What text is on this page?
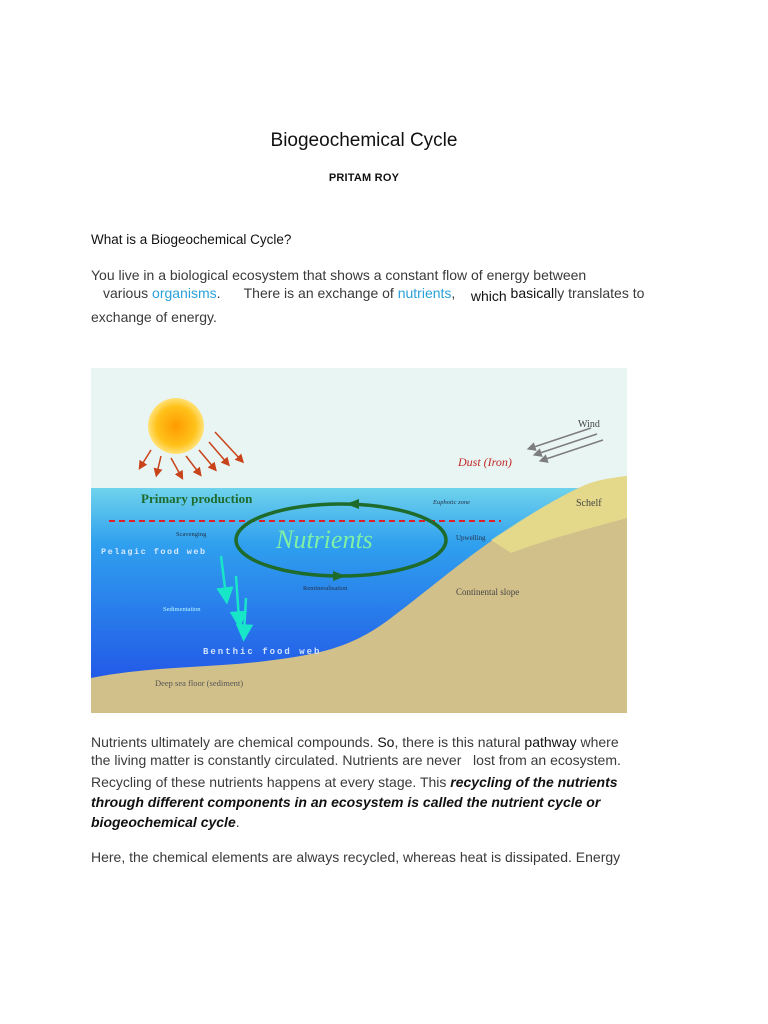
Biogeochemical Cycle
PRITAM ROY
What is a Biogeochemical Cycle?
You live in a biological ecosystem that shows a constant flow of energy between
various organisms.      There is an exchange of nutrients,    which basically translates to
exchange of energy.
Wind
Dust (Iron)
Primary production	Euphotic zone	Schelf
Nutrients
Scavenging	Upwelling
Pelagic food web
Remineralisation	Continental slope
Sedimentation
Benthic food web
Deep sea floor (sediment)
Nutrients ultimately are chemical compounds. So, there is this natural pathway where
the living matter is constantly circulated. Nutrients are never   lost from an ecosystem.
Recycling of these nutrients happens at every stage. This recycling of the nutrients
through different components in an ecosystem is called the nutrient cycle or
biogeochemical cycle.
Here, the chemical elements are always recycled, whereas heat is dissipated. Energy
